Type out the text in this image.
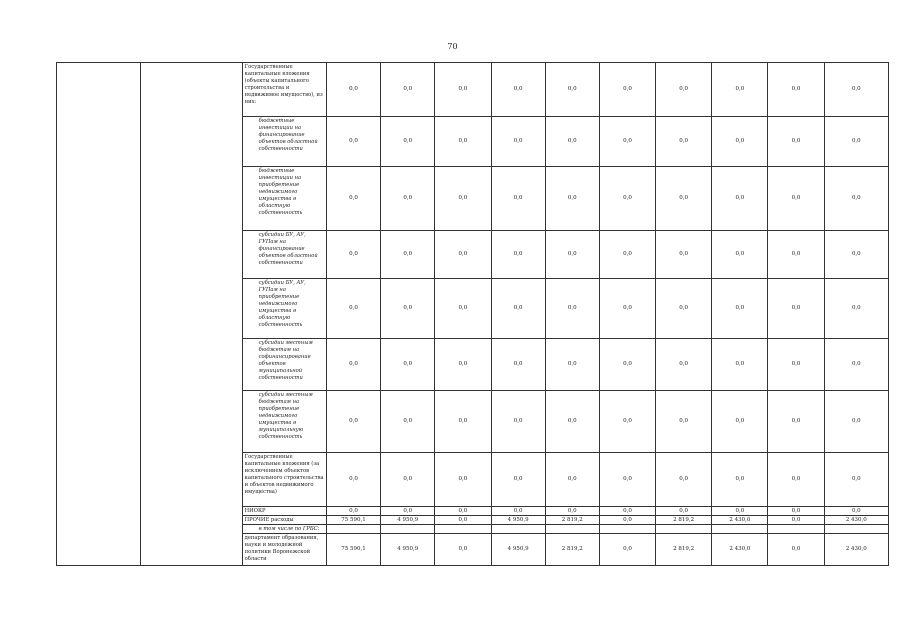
70
		Государственные капитальные вложения (объекты капитального строительства и недвижимое имущество), из них:	0,0	0,0	0,0	0,0	0,0	0,0	0,0	0,0	0,0	0,0
		бюджетные инвестиции на финансирование объектов областной собственности	0,0	0,0	0,0	0,0	0,0	0,0	0,0	0,0	0,0	0,0
		бюджетные инвестиции на приобретение недвижимого имущества в областную собственность	0,0	0,0	0,0	0,0	0,0	0,0	0,0	0,0	0,0	0,0
		субсидии БУ, АУ, ГУПам на финансирование объектов областной собственности	0,0	0,0	0,0	0,0	0,0	0,0	0,0	0,0	0,0	0,0
		субсидии БУ, АУ, ГУПам на приобретение недвижимого имущества в областную собственность	0,0	0,0	0,0	0,0	0,0	0,0	0,0	0,0	0,0	0,0
		субсидии местным бюджетам на софинансирование объектов муниципальной собственности	0,0	0,0	0,0	0,0	0,0	0,0	0,0	0,0	0,0	0,0
		субсидии местным бюджетам на приобретение недвижимого имущества в муниципальную собственность	0,0	0,0	0,0	0,0	0,0	0,0	0,0	0,0	0,0	0,0
		Государственные капитальные вложения (за исключением объектов капитального строительства и объектов недвижимого имущества)	0,0	0,0	0,0	0,0	0,0	0,0	0,0	0,0	0,0	0,0
		НИОКР	0,0	0,0	0,0	0,0	0,0	0,0	0,0	0,0	0,0	0,0
		ПРОЧИЕ расходы	75 590,1	4 950,9	0,0	4 950,9	2 819,2	0,0	2 819,2	2 430,0	0,0	2 430,0
		в том числе по ГРБС:										
		департамент образования, науки и молодежной политики Воронежской области	75 590,1	4 950,9	0,0	4 950,9	2 819,2	0,0	2 819,2	2 430,0	0,0	2 430,0
